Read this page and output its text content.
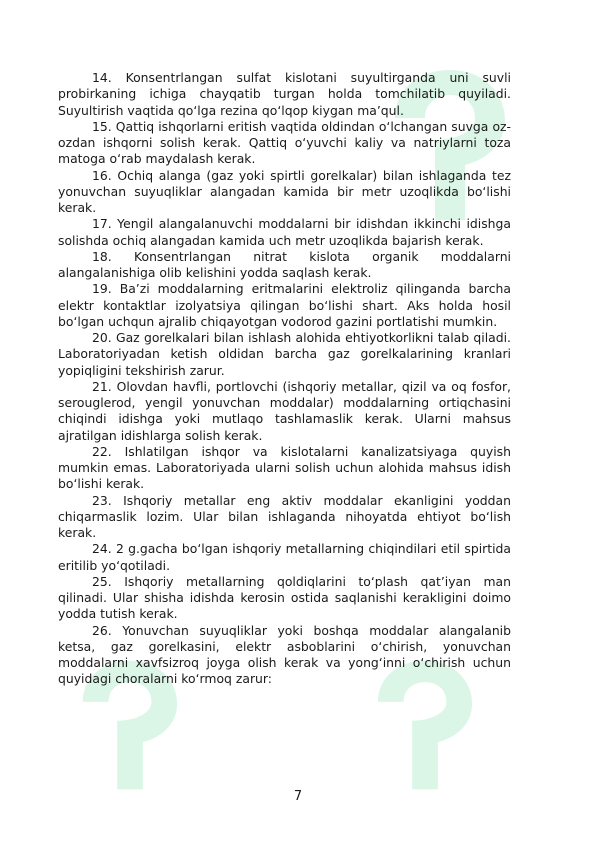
14. Konsentrlangan sulfat kislotani suyultirganda uni suvli probirkaning ichiga chayqatib turgan holda tomchilatib quyiladi. Suyultirish vaqtida qo‘lga rezina qo‘lqop kiygan ma’qul.

15. Qattiq ishqorlarni eritish vaqtida oldindan o‘lchangan suvga oz-ozdan ishqorni solish kerak. Qattiq o‘yuvchi kaliy va natriylarni toza matoga o‘rab maydalash kerak.

16. Ochiq alanga (gaz yoki spirtli gorelkalar) bilan ishlaganda tez yonuvchan suyuqliklar alangadan kamida bir metr uzoqlikda bo‘lishi kerak.

17. Yengil alangalanuvchi moddalarni bir idishdan ikkinchi idishga solishda ochiq alangadan kamida uch metr uzoqlikda bajarish kerak.

18. Konsentrlangan nitrat kislota organik moddalarni alangalanishiga olib kelishini yodda saqlash kerak.

19. Ba’zi moddalarning eritmalarini elektroliz qilinganda barcha elektr kontaktlar izolyatsiya qilingan bo‘lishi shart. Aks holda hosil bo‘lgan uchqun ajralib chiqayotgan vodorod gazini portlatishi mumkin.

20. Gaz gorelkalari bilan ishlash alohida ehtiyotkorlikni talab qiladi. Laboratoriyadan ketish oldidan barcha gaz gorelkalarining kranlari yopiqligini tekshirish zarur.

21. Olovdan havfli, portlovchi (ishqoriy metallar, qizil va oq fosfor, serouglerod, yengil yonuvchan moddalar) moddalarning ortiqchasini chiqindi idishga yoki mutlaqo tashlamaslik kerak. Ularni mahsus ajratilgan idishlarga solish kerak.

22. Ishlatilgan ishqor va kislotalarni kanalizatsiyaga quyish mumkin emas. Laboratoriyada ularni solish uchun alohida mahsus idish bo‘lishi kerak.

23. Ishqoriy metallar eng aktiv moddalar ekanligini yoddan chiqarmaslik lozim. Ular bilan ishlaganda nihoyatda ehtiyot bo‘lish kerak.

24. 2 g.gacha bo‘lgan ishqoriy metallarning chiqindilari etil spirtida eritilib yo‘qotiladi.

25. Ishqoriy metallarning qoldiqlarini to‘plash qat’iyan man qilinadi. Ular shisha idishda kerosin ostida saqlanishi kerakligini doimo yodda tutish kerak.

26. Yonuvchan suyuqliklar yoki boshqa moddalar alangalanib ketsa, gaz gorelkasini, elektr asboblarini o‘chirish, yonuvchan moddalarni xavfsizroq joyga olish kerak va yong‘inni o‘chirish uchun quyidagi choralarni ko‘rmoq zarur:

7
